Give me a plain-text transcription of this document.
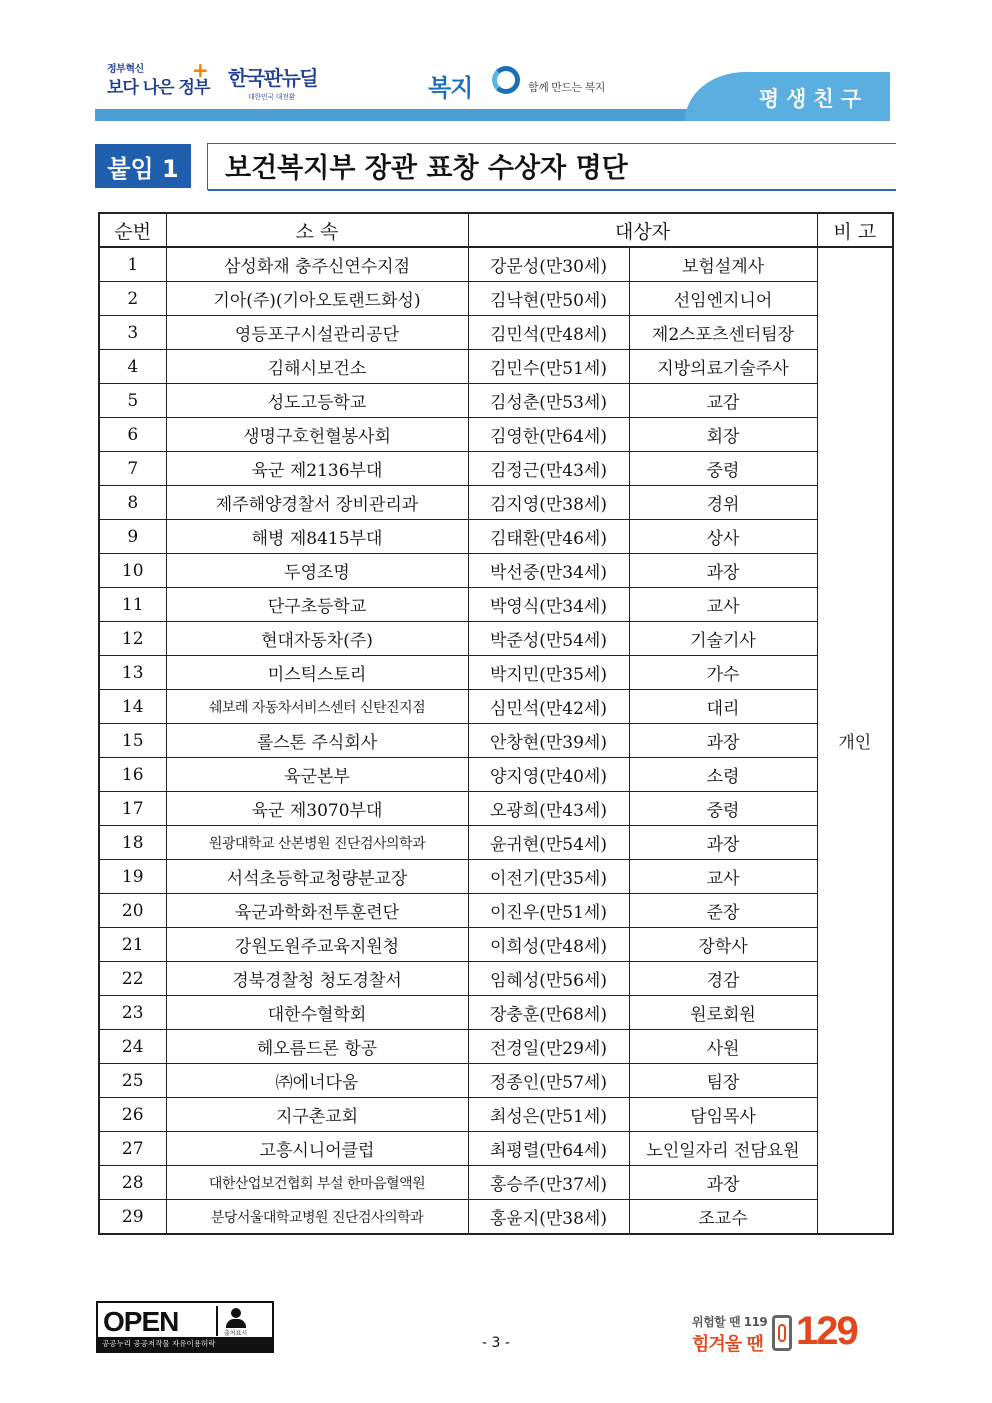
정부혁신
보다 나은 정부
+ 한국판뉴딜
대한민국 대전환	복지	함께 만드는 복지	평생친구
붙임 1	보건복지부 장관 표창 수상자 명단
순번	소 속	대상자		비 고
1	삼성화재 충주신연수지점	강문성(만30세)	보험설계사	개인
2	기아(주)(기아오토랜드화성)	김낙현(만50세)	선임엔지니어	
3	영등포구시설관리공단	김민석(만48세)	제2스포츠센터팀장	
4	김해시보건소	김민수(만51세)	지방의료기술주사	
5	성도고등학교	김성춘(만53세)	교감	
6	생명구호헌혈봉사회	김영한(만64세)	회장	
7	육군 제2136부대	김정근(만43세)	중령	
8	제주해양경찰서 장비관리과	김지영(만38세)	경위	
9	해병 제8415부대	김태환(만46세)	상사	
10	두영조명	박선중(만34세)	과장	
11	단구초등학교	박영식(만34세)	교사	
12	현대자동차(주)	박준성(만54세)	기술기사	
13	미스틱스토리	박지민(만35세)	가수	
14	쉐보레 자동차서비스센터 신탄진지점	심민석(만42세)	대리	
15	롤스톤 주식회사	안창현(만39세)	과장	
16	육군본부	양지영(만40세)	소령	
17	육군 제3070부대	오광희(만43세)	중령	
18	원광대학교 산본병원 진단검사의학과	윤귀현(만54세)	과장	
19	서석초등학교청량분교장	이전기(만35세)	교사	
20	육군과학화전투훈련단	이진우(만51세)	준장	
21	강원도원주교육지원청	이희성(만48세)	장학사	
22	경북경찰청 청도경찰서	임혜성(만56세)	경감	
23	대한수혈학회	장충훈(만68세)	원로회원	
24	헤오름드론 항공	전경일(만29세)	사원	
25	㈜에너다움	정종인(만57세)	팀장	
26	지구촌교회	최성은(만51세)	담임목사	
27	고흥시니어클럽	최평렬(만64세)	노인일자리 전담요원	
28	대한산업보건협회 부설 한마음혈액원	홍승주(만37세)	과장	
29	분당서울대학교병원 진단검사의학과	홍윤지(만38세)	조교수	
OPEN	출처표시
공공누리 공공저작물 자유이용허락	- 3 -
위험할 땐 119
힘겨울 땐 129
